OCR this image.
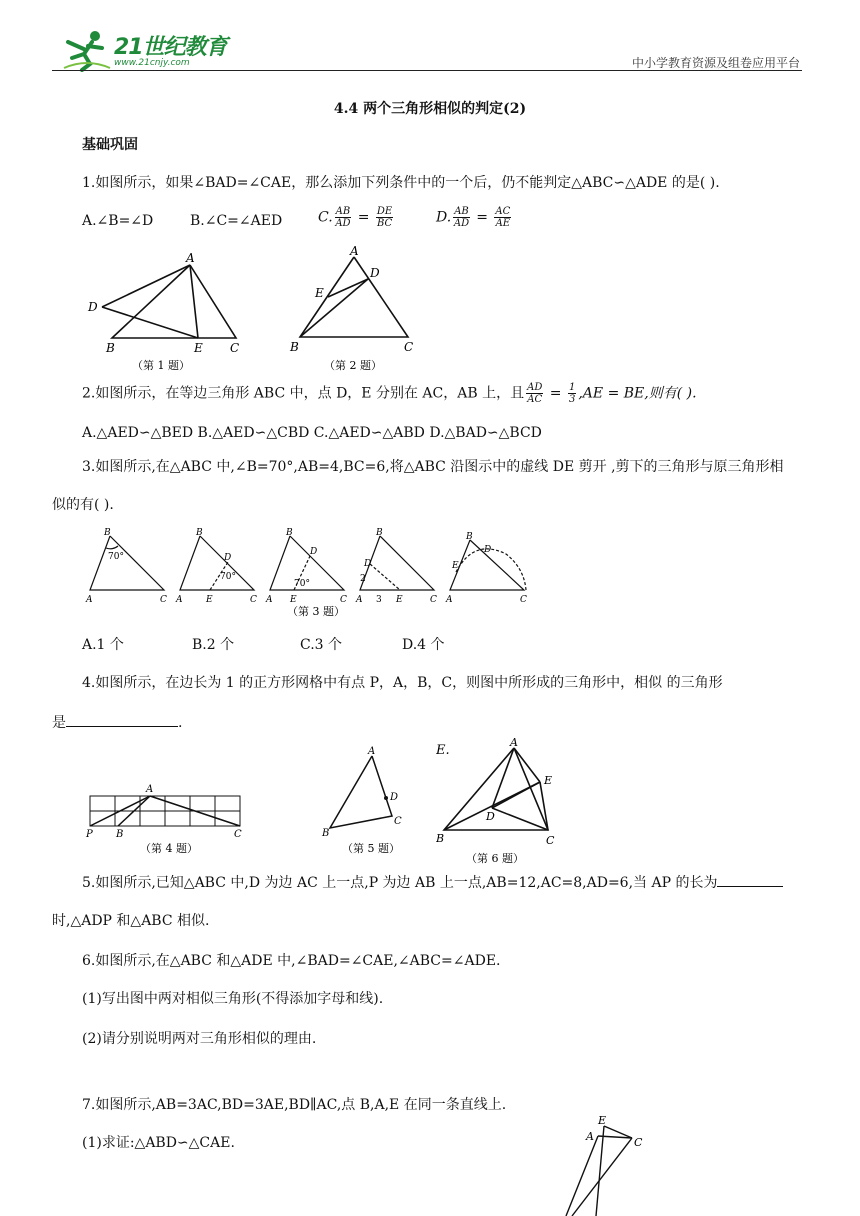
21世纪教育
www.21cnjy.com	中小学教育资源及组卷应用平台
4.4 两个三角形相似的判定(2)
基础巩固
1.如图所示，如果∠BAD=∠CAE，那么添加下列条件中的一个后，仍不能判定△ABC∽△ADE 的是( ).
A.∠B=∠D	B.∠C=∠AED	C. $\frac{AB}{AD} = \frac{DE}{BC}$	D. $\frac{AB}{AD} = \frac{AC}{AE}$
A
D
B	E C
（第 1 题）
A
D
E
B	C
（第 2 题）
2.如图所示，在等边三角形 ABC 中，点 D，E 分别在 AC，AB 上，且 $\frac{AD}{AC} = \frac{1}{3} ,AE$ = BE,则有( ).
A.△AED∽△BED B.△AED∽△CBD C.△AED∽△ABD D.△BAD∽△BCD
3.如图所示,在△ABC 中,∠B=70°,AB=4,BC=6,将△ABC 沿图示中的虚线 DE 剪开 ,剪下的三角形与原三角形相
似的有( ).
B
70°
A	C
B
D
70°
A	E	C
B
D
70°
A E	C
B
D
2
A 3 E	C
B
D
E
A	C
（第 3 题）
A.1 个	B.2 个	C.3 个	D.4 个
4.如图所示，在边长为 1 的正方形网格中有点 P，A，B，C，则图中所形成的三角形中，相似 的三角形
是	.
A
P B	C
（第 4 题）
A
D
B
C
（第 5 题）
E.
A
E
D
B	C
（第 6 题）
5.如图所示,已知△ABC 中,D 为边 AC 上一点,P 为边 AB 上一点,AB=12,AC=8,AD=6,当 AP 的长为
时,△ADP 和△ABC 相似.
6.如图所示,在△ABC 和△ADE 中,∠BAD=∠CAE,∠ABC=∠ADE.
(1)写出图中两对相似三角形(不得添加字母和线).
(2)请分别说明两对三角形相似的理由.
7.如图所示,AB=3AC,BD=3AE,BD∥AC,点 B,A,E 在同一条直线上.
(1)求证:△ABD∽△CAE.
E
A	C
